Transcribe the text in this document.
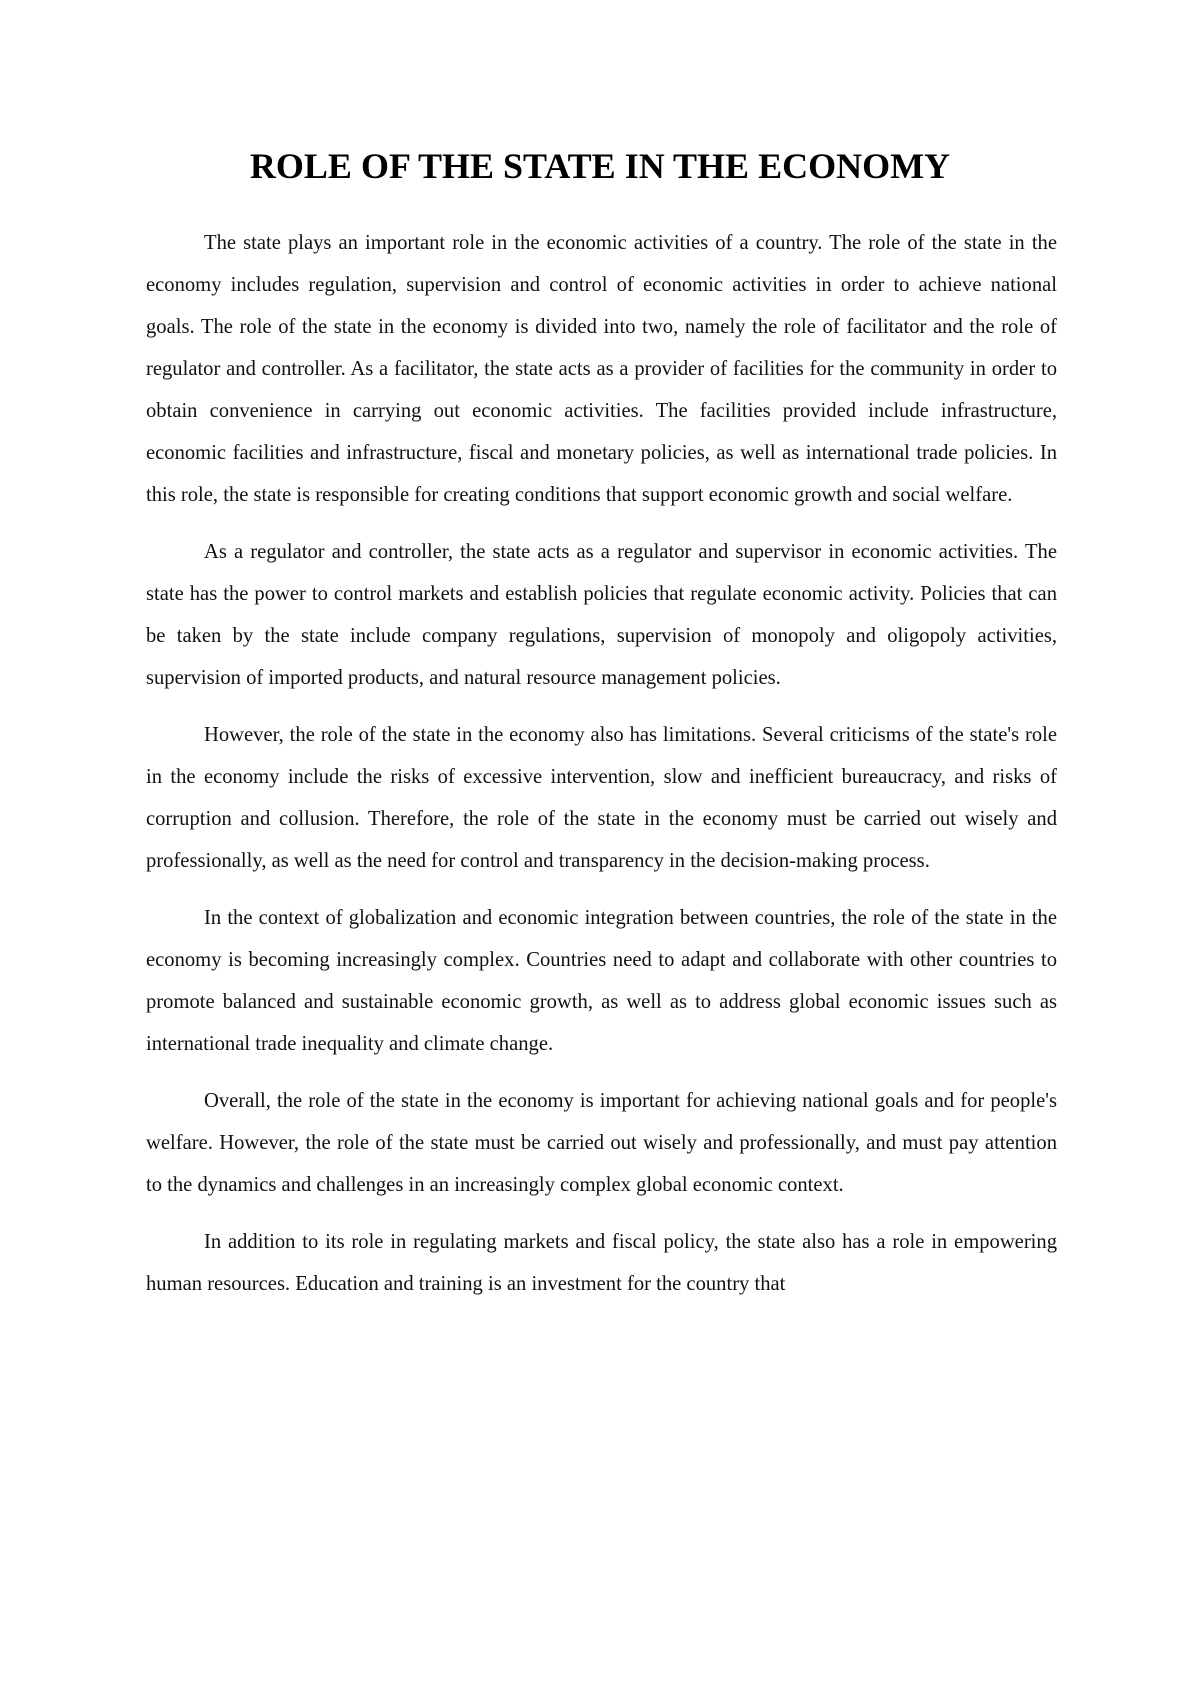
ROLE OF THE STATE IN THE ECONOMY

The state plays an important role in the economic activities of a country. The role of the state in the economy includes regulation, supervision and control of economic activities in order to achieve national goals. The role of the state in the economy is divided into two, namely the role of facilitator and the role of regulator and controller. As a facilitator, the state acts as a provider of facilities for the community in order to obtain convenience in carrying out economic activities. The facilities provided include infrastructure, economic facilities and infrastructure, fiscal and monetary policies, as well as international trade policies. In this role, the state is responsible for creating conditions that support economic growth and social welfare.

As a regulator and controller, the state acts as a regulator and supervisor in economic activities. The state has the power to control markets and establish policies that regulate economic activity. Policies that can be taken by the state include company regulations, supervision of monopoly and oligopoly activities, supervision of imported products, and natural resource management policies.

However, the role of the state in the economy also has limitations. Several criticisms of the state's role in the economy include the risks of excessive intervention, slow and inefficient bureaucracy, and risks of corruption and collusion. Therefore, the role of the state in the economy must be carried out wisely and professionally, as well as the need for control and transparency in the decision-making process.

In the context of globalization and economic integration between countries, the role of the state in the economy is becoming increasingly complex. Countries need to adapt and collaborate with other countries to promote balanced and sustainable economic growth, as well as to address global economic issues such as international trade inequality and climate change.

Overall, the role of the state in the economy is important for achieving national goals and for people's welfare. However, the role of the state must be carried out wisely and professionally, and must pay attention to the dynamics and challenges in an increasingly complex global economic context.

In addition to its role in regulating markets and fiscal policy, the state also has a role in empowering human resources. Education and training is an investment for the country that
